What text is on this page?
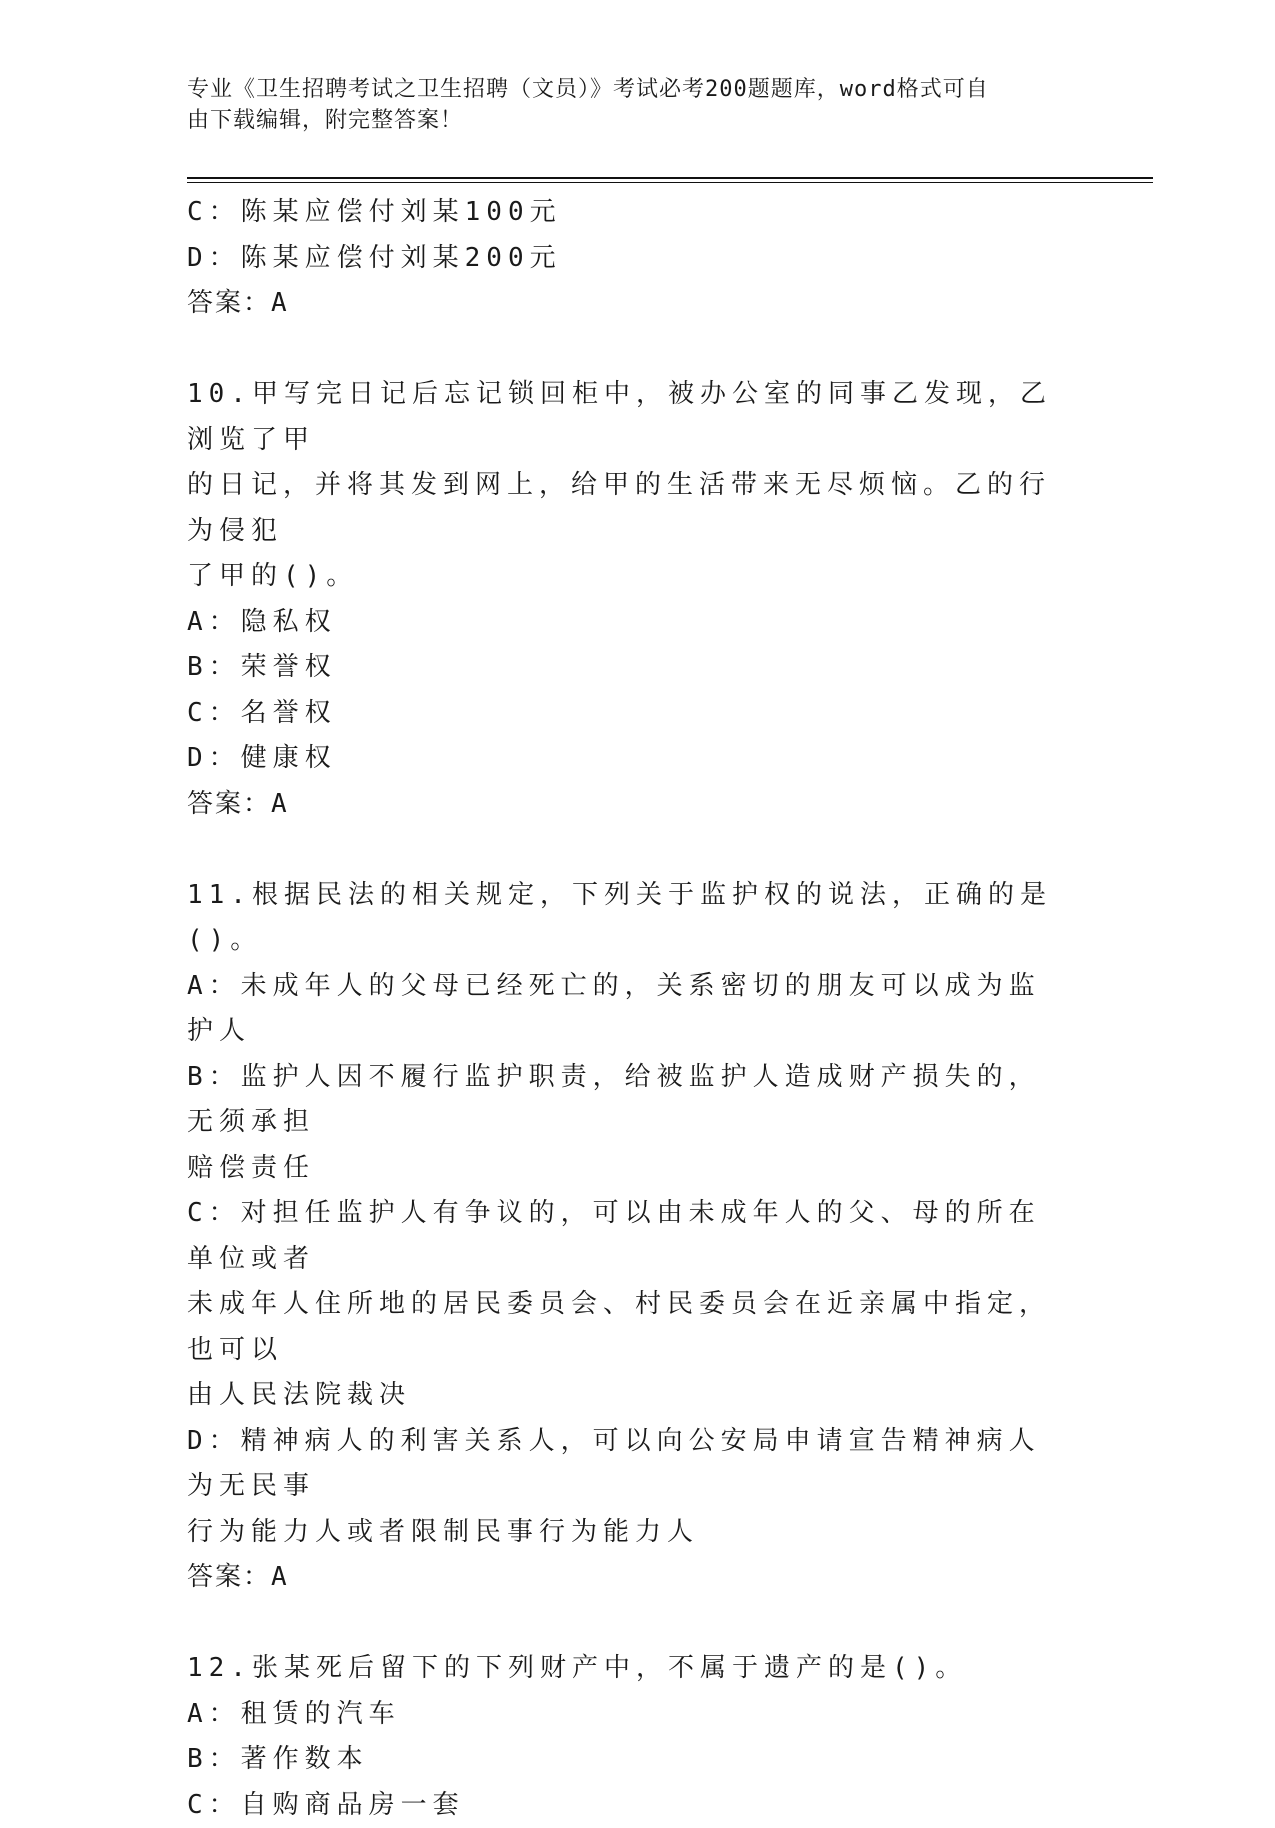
专业《卫生招聘考试之卫生招聘（文员）》考试必考200题题库，word格式可自
由下载编辑，附完整答案！
C：陈某应偿付刘某100元
D：陈某应偿付刘某200元
答案：A
10.甲写完日记后忘记锁回柜中，被办公室的同事乙发现，乙浏览了甲
的日记，并将其发到网上，给甲的生活带来无尽烦恼。乙的行为侵犯
了甲的()。
A：隐私权
B：荣誉权
C：名誉权
D：健康权
答案：A
11.根据民法的相关规定，下列关于监护权的说法，正确的是()。
A：未成年人的父母已经死亡的，关系密切的朋友可以成为监护人
B：监护人因不履行监护职责，给被监护人造成财产损失的，无须承担
赔偿责任
C：对担任监护人有争议的，可以由未成年人的父、母的所在单位或者
未成年人住所地的居民委员会、村民委员会在近亲属中指定，也可以
由人民法院裁决
D：精神病人的利害关系人，可以向公安局申请宣告精神病人为无民事
行为能力人或者限制民事行为能力人
答案：A
12.张某死后留下的下列财产中，不属于遗产的是()。
A：租赁的汽车
B：著作数本
C：自购商品房一套
